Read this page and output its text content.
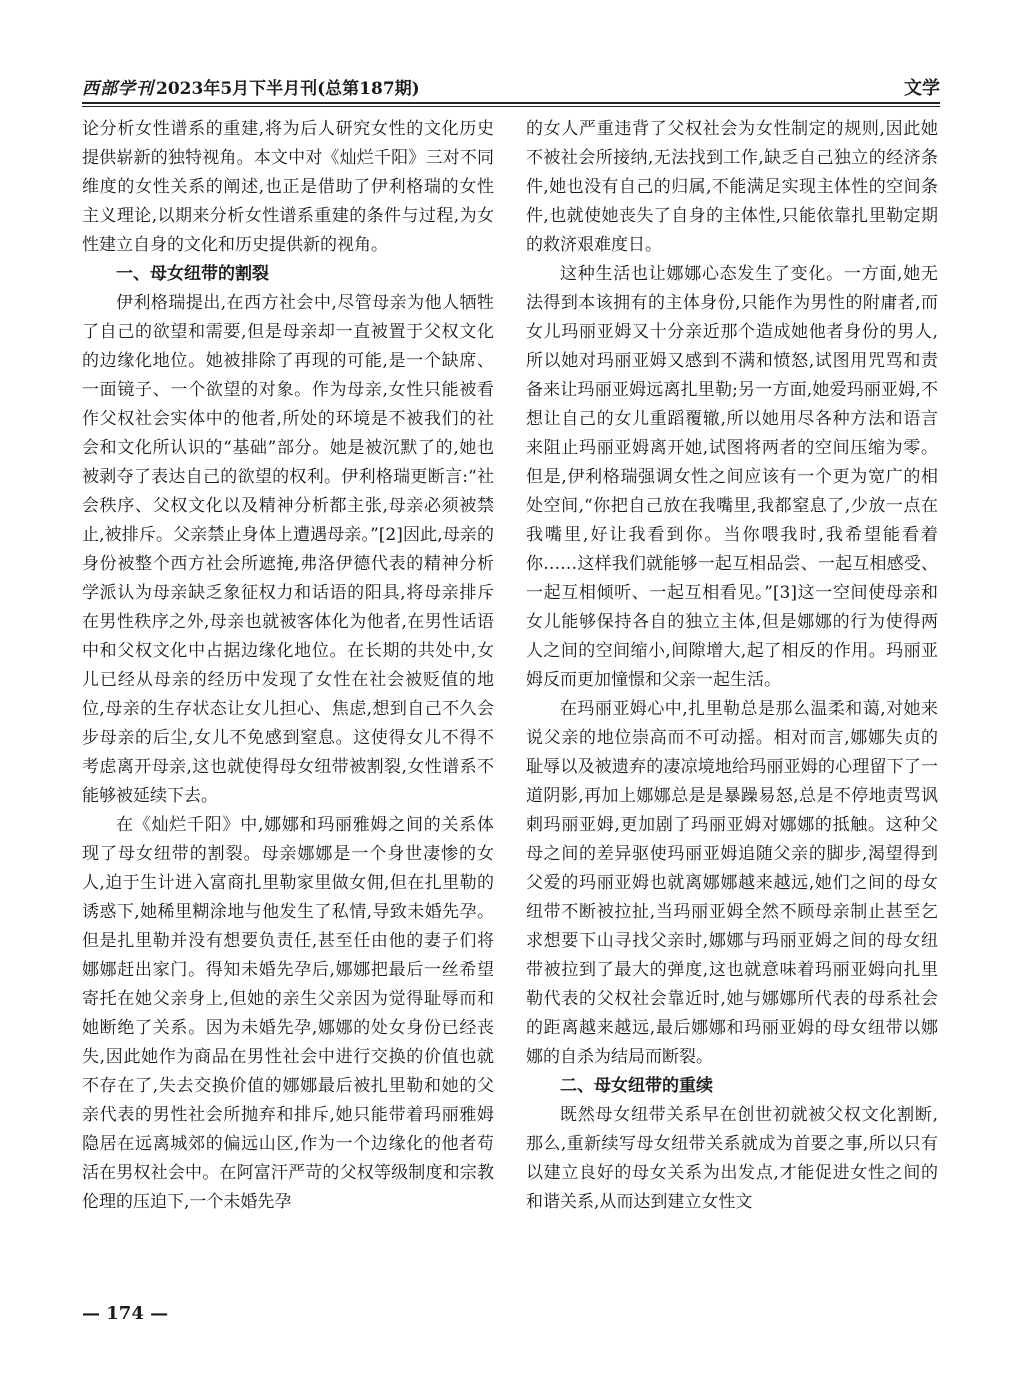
西部学刊 2023年5月下半月刊(总第187期)	文学

论分析女性谱系的重建,将为后人研究女性的文化历史提供崭新的独特视角。本文中对《灿烂千阳》三对不同维度的女性关系的阐述,也正是借助了伊利格瑞的女性主义理论,以期来分析女性谱系重建的条件与过程,为女性建立自身的文化和历史提供新的视角。

一、母女纽带的割裂

伊利格瑞提出,在西方社会中,尽管母亲为他人牺牲了自己的欲望和需要,但是母亲却一直被置于父权文化的边缘化地位。她被排除了再现的可能,是一个缺席、一面镜子、一个欲望的对象。作为母亲,女性只能被看作父权社会实体中的他者,所处的环境是不被我们的社会和文化所认识的“基础”部分。她是被沉默了的,她也被剥夺了表达自己的欲望的权利。伊利格瑞更断言:“社会秩序、父权文化以及精神分析都主张,母亲必须被禁止,被排斥。父亲禁止身体上遭遇母亲。”[2]因此,母亲的身份被整个西方社会所遮掩,弗洛伊德代表的精神分析学派认为母亲缺乏象征权力和话语的阳具,将母亲排斥在男性秩序之外,母亲也就被客体化为他者,在男性话语中和父权文化中占据边缘化地位。在长期的共处中,女儿已经从母亲的经历中发现了女性在社会被贬值的地位,母亲的生存状态让女儿担心、焦虑,想到自己不久会步母亲的后尘,女儿不免感到窒息。这使得女儿不得不考虑离开母亲,这也就使得母女纽带被割裂,女性谱系不能够被延续下去。

在《灿烂千阳》中,娜娜和玛丽雅姆之间的关系体现了母女纽带的割裂。母亲娜娜是一个身世凄惨的女人,迫于生计进入富商扎里勒家里做女佣,但在扎里勒的诱惑下,她稀里糊涂地与他发生了私情,导致未婚先孕。但是扎里勒并没有想要负责任,甚至任由他的妻子们将娜娜赶出家门。得知未婚先孕后,娜娜把最后一丝希望寄托在她父亲身上,但她的亲生父亲因为觉得耻辱而和她断绝了关系。因为未婚先孕,娜娜的处女身份已经丧失,因此她作为商品在男性社会中进行交换的价值也就不存在了,失去交换价值的娜娜最后被扎里勒和她的父亲代表的男性社会所抛弃和排斥,她只能带着玛丽雅姆隐居在远离城郊的偏远山区,作为一个边缘化的他者苟活在男权社会中。在阿富汗严苛的父权等级制度和宗教伦理的压迫下,一个未婚先孕

的女人严重违背了父权社会为女性制定的规则,因此她不被社会所接纳,无法找到工作,缺乏自己独立的经济条件,她也没有自己的归属,不能满足实现主体性的空间条件,也就使她丧失了自身的主体性,只能依靠扎里勒定期的救济艰难度日。

这种生活也让娜娜心态发生了变化。一方面,她无法得到本该拥有的主体身份,只能作为男性的附庸者,而女儿玛丽亚姆又十分亲近那个造成她他者身份的男人,所以她对玛丽亚姆又感到不满和愤怒,试图用咒骂和责备来让玛丽亚姆远离扎里勒;另一方面,她爱玛丽亚姆,不想让自己的女儿重蹈覆辙,所以她用尽各种方法和语言来阻止玛丽亚姆离开她,试图将两者的空间压缩为零。但是,伊利格瑞强调女性之间应该有一个更为宽广的相处空间,“你把自己放在我嘴里,我都窒息了,少放一点在我嘴里,好让我看到你。当你喂我时,我希望能看着你……这样我们就能够一起互相品尝、一起互相感受、一起互相倾听、一起互相看见。”[3]这一空间使母亲和女儿能够保持各自的独立主体,但是娜娜的行为使得两人之间的空间缩小,间隙增大,起了相反的作用。玛丽亚姆反而更加憧憬和父亲一起生活。

在玛丽亚姆心中,扎里勒总是那么温柔和蔼,对她来说父亲的地位崇高而不可动摇。相对而言,娜娜失贞的耻辱以及被遗弃的凄凉境地给玛丽亚姆的心理留下了一道阴影,再加上娜娜总是是暴躁易怒,总是不停地责骂讽刺玛丽亚姆,更加剧了玛丽亚姆对娜娜的抵触。这种父母之间的差异驱使玛丽亚姆追随父亲的脚步,渴望得到父爱的玛丽亚姆也就离娜娜越来越远,她们之间的母女纽带不断被拉扯,当玛丽亚姆全然不顾母亲制止甚至乞求想要下山寻找父亲时,娜娜与玛丽亚姆之间的母女纽带被拉到了最大的弹度,这也就意味着玛丽亚姆向扎里勒代表的父权社会靠近时,她与娜娜所代表的母系社会的距离越来越远,最后娜娜和玛丽亚姆的母女纽带以娜娜的自杀为结局而断裂。

二、母女纽带的重续

既然母女纽带关系早在创世初就被父权文化割断,那么,重新续写母女纽带关系就成为首要之事,所以只有以建立良好的母女关系为出发点,才能促进女性之间的和谐关系,从而达到建立女性文

— 174 —
